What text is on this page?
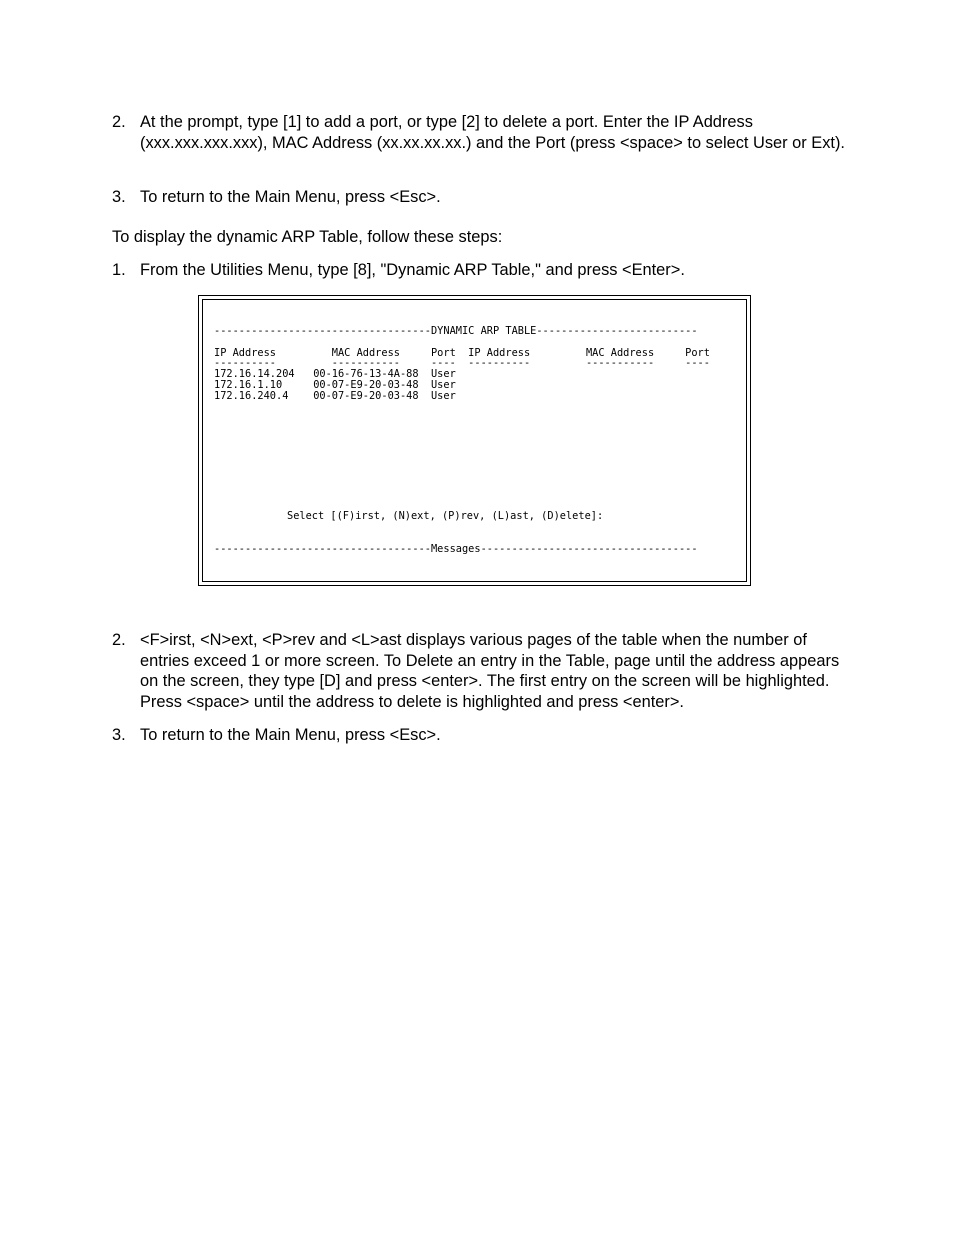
2. At the prompt, type [1] to add a port, or type [2] to delete a port. Enter the IP Address (xxx.xxx.xxx.xxx), MAC Address (xx.xx.xx.xx.) and the Port (press <space> to select User or Ext).
3. To return to the Main Menu, press <Esc>.
To display the dynamic ARP Table, follow these steps:
1. From the Utilities Menu, type [8], "Dynamic ARP Table," and press <Enter>.
-----------------------------------DYNAMIC ARP TABLE--------------------------
IP Address         MAC Address     Port  IP Address         MAC Address     Port
----------         -----------     ----  ----------         -----------     ----
172.16.14.204   00-16-76-13-4A-88  User
172.16.1.10     00-07-E9-20-03-48  User
172.16.240.4    00-07-E9-20-03-48  User
Select [(F)irst, (N)ext, (P)rev, (L)ast, (D)elete]:
-----------------------------------Messages-----------------------------------
2. <F>irst, <N>ext, <P>rev and <L>ast displays various pages of the table when the number of entries exceed 1 or more screen. To Delete an entry in the Table, page until the address appears on the screen, they type [D] and press <enter>. The first entry on the screen will be highlighted. Press <space> until the address to delete is highlighted and press <enter>.
3. To return to the Main Menu, press <Esc>.
